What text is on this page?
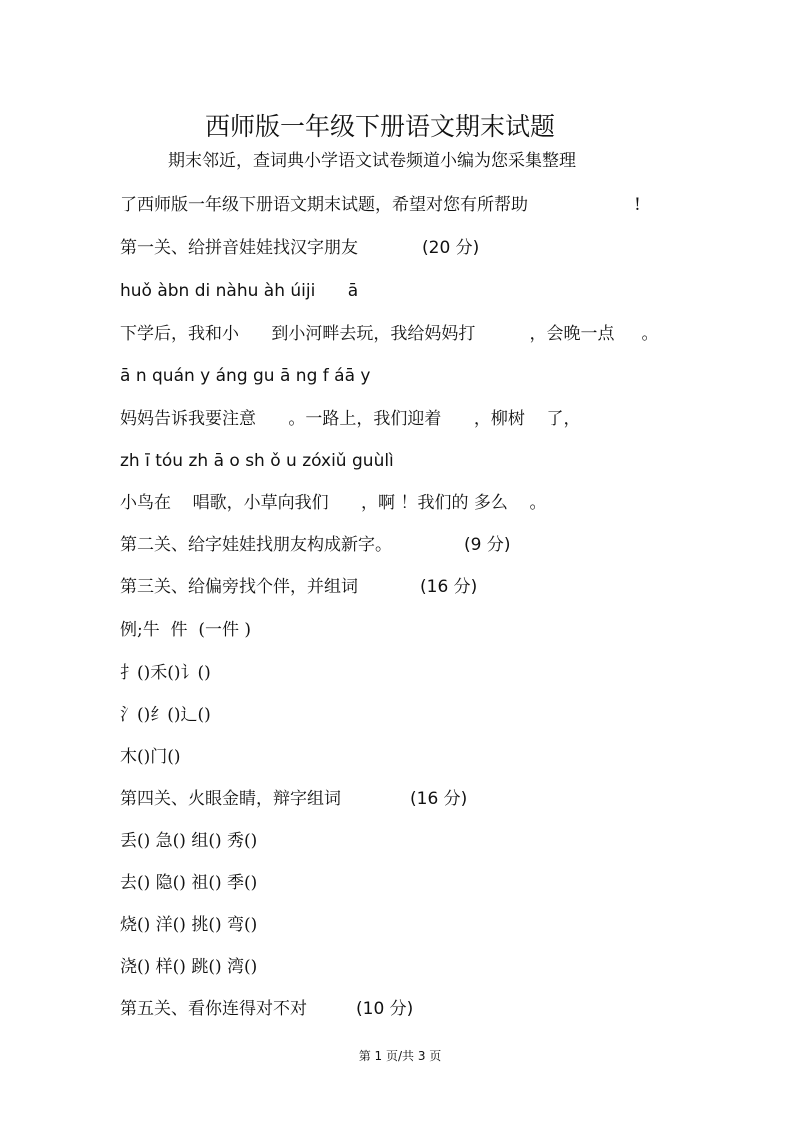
西师版一年级下册语文期末试题
期末邻近，查词典小学语文试卷频道小编为您采集整理
了西师版一年级下册语文期末试题，希望对您有所帮助	!
第一关、给拼音娃娃找汉字朋友	(20 分)
huǒ àbn di nàhu àh úiji      ā
下学后，我和小      到小河畔去玩，我给妈妈打          ，会晚一点     。
ā n quán y áng gu ā ng f áā y
妈妈告诉我要注意      。一路上，我们迎着      ，柳树    了，
zh ī tóu zh ā o sh ǒ u zóxiǔ guùlì
小鸟在    唱歌，小草向我们      ，啊 ！我们的 多么    。
第二关、给字娃娃找朋友构成新字。	(9 分)
第三关、给偏旁找个伴，并组词	(16 分)
例;牛  件  (一件 )
扌()禾()讠()
氵()纟()辶()
木()门()
第四关、火眼金睛，辩字组词	(16 分)
丢() 急() 组() 秀()
去() 隐() 祖() 季()
烧() 洋() 挑() 弯()
浇() 样() 跳() 湾()
第五关、看你连得对不对	(10 分)
第 1 页/共 3 页
